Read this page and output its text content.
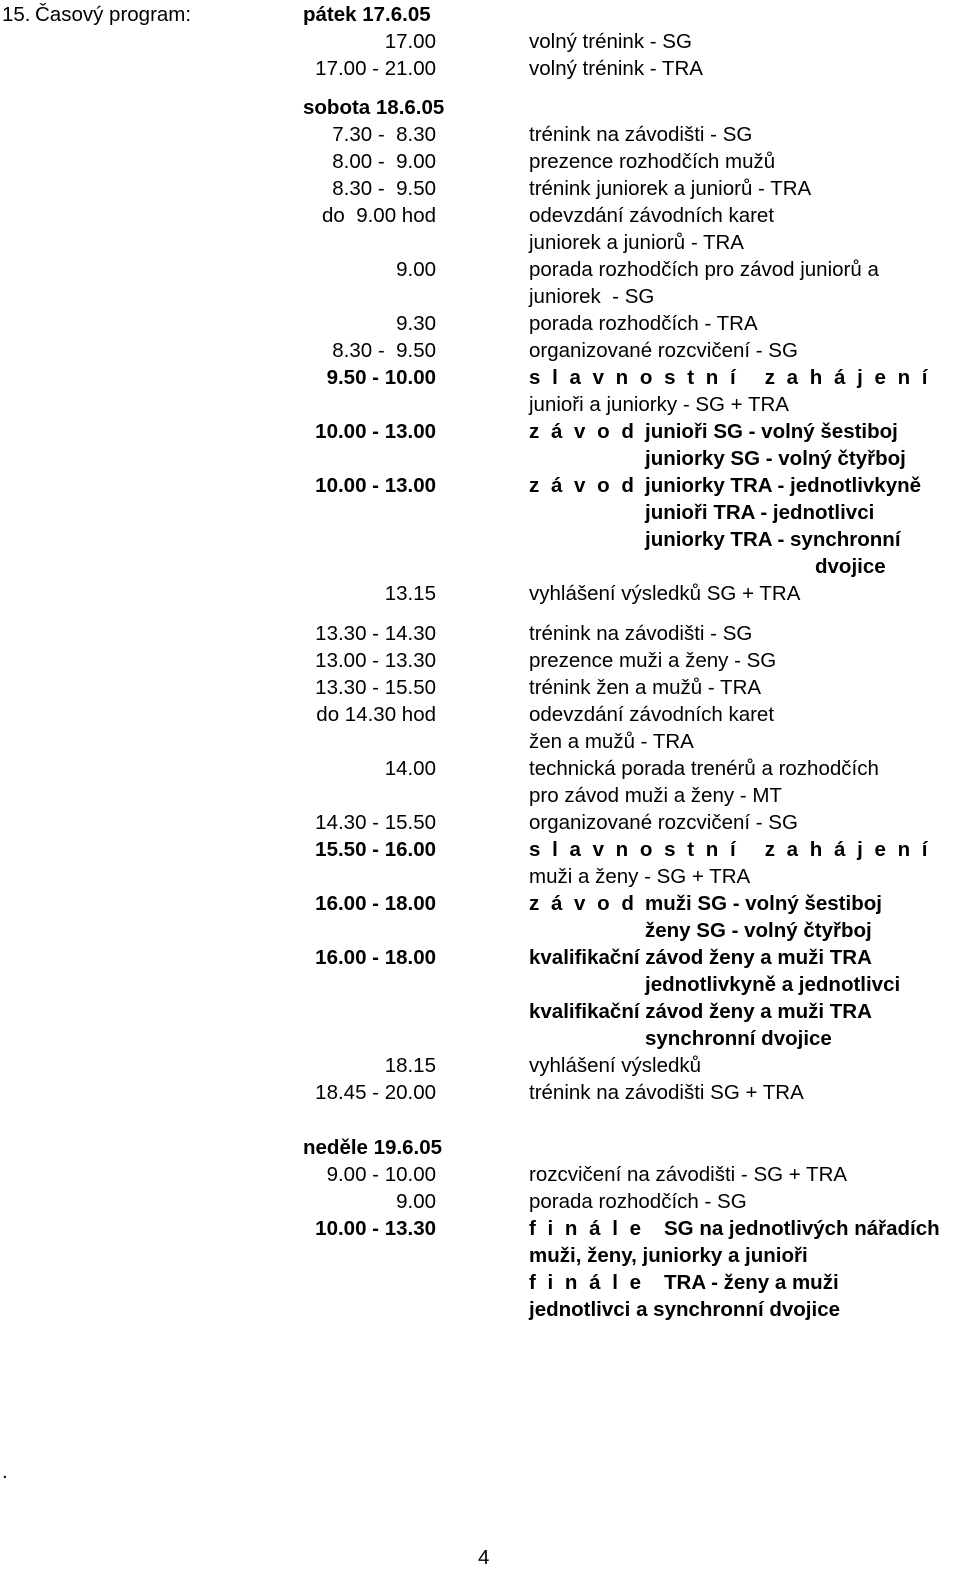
15. Časový program:	pátek 17.6.05
17.00	volný trénink - SG
17.00 - 21.00	volný trénink - TRA
sobota 18.6.05
7.30 -  8.30	trénink na závodišti - SG
8.00 -  9.00	prezence rozhodčích mužů
8.30 -  9.50	trénink juniorek a juniorů - TRA
do  9.00 hod	odevzdání závodních karet
juniorek a juniorů - TRA
9.00	porada rozhodčích pro závod juniorů a
juniorek  - SG
9.30	porada rozhodčích - TRA
8.30 -  9.50	organizované rozcvičení - SG
9.50 - 10.00	s l a v n o s t n í   z a h á j e n í
junioři a juniorky - SG + TRA
10.00 - 13.00	z á v o d junioři SG - volný šestiboj
juniorky SG - volný čtyřboj
10.00 - 13.00	z á v o d juniorky TRA - jednotlivkyně
junioři TRA - jednotlivci
juniorky TRA - synchronní
dvojice
13.15	vyhlášení výsledků SG + TRA
13.30 - 14.30	trénink na závodišti - SG
13.00 - 13.30	prezence muži a ženy - SG
13.30 - 15.50	trénink žen a mužů - TRA
do 14.30 hod	odevzdání závodních karet
žen a mužů - TRA
14.00	technická porada trenérů a rozhodčích
pro závod muži a ženy - MT
14.30 - 15.50	organizované rozcvičení - SG
15.50 - 16.00	s l a v n o s t n í   z a h á j e n í
muži a ženy - SG + TRA
16.00 - 18.00	z á v o d muži SG - volný šestiboj
ženy SG - volný čtyřboj
16.00 - 18.00	kvalifikační závod ženy a muži TRA
jednotlivkyně a jednotlivci
kvalifikační závod ženy a muži TRA
synchronní dvojice
18.15	vyhlášení výsledků
18.45 - 20.00	trénink na závodišti SG + TRA
neděle 19.6.05
9.00 - 10.00	rozcvičení na závodišti - SG + TRA
9.00	porada rozhodčích - SG
10.00 - 13.30	f i n á l e SG na jednotlivých nářadích
muži, ženy, juniorky a junioři
f i n á l e TRA - ženy a muži
jednotlivci a synchronní dvojice
.
4
